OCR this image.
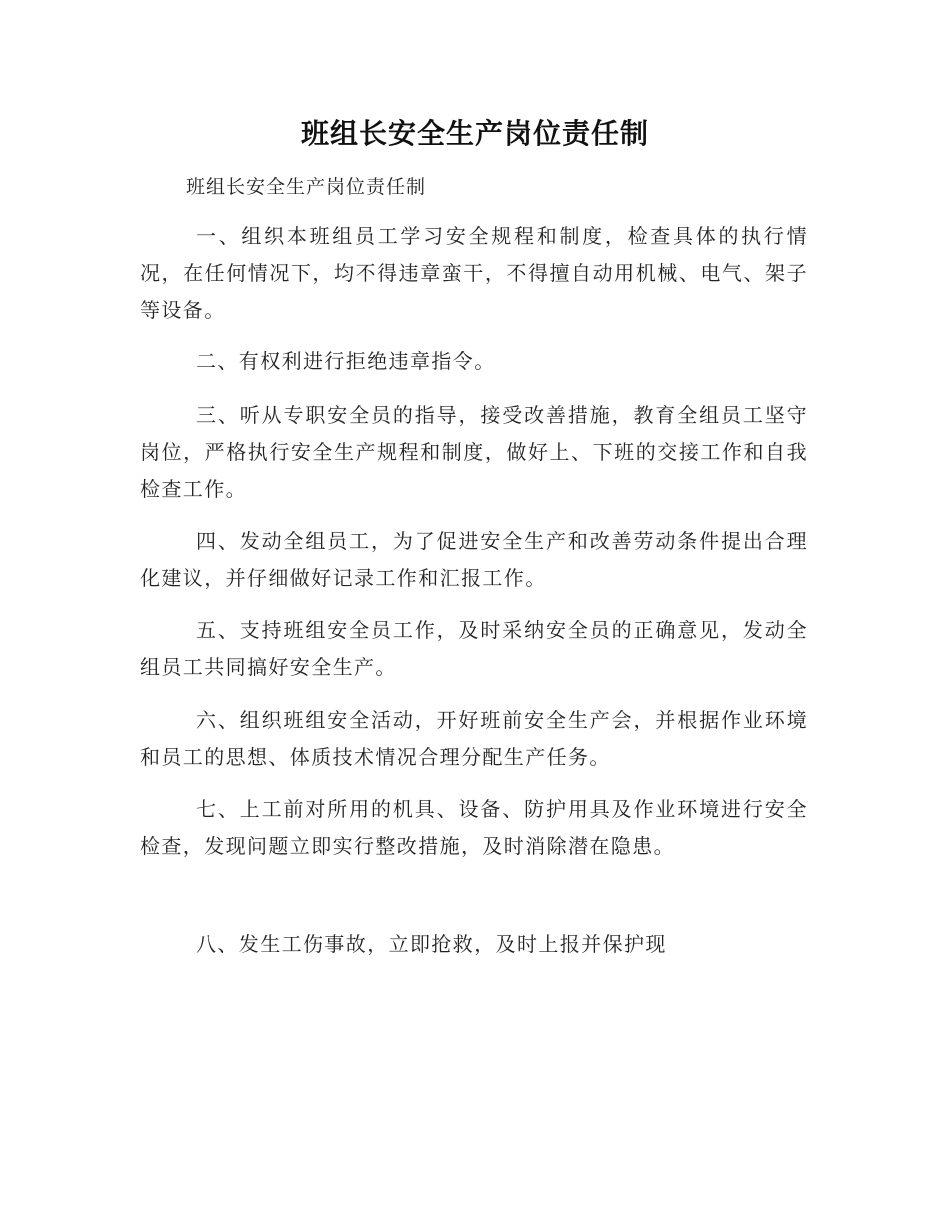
班组长安全生产岗位责任制
班组长安全生产岗位责任制

一、组织本班组员工学习安全规程和制度，检查具体的执行情况，在任何情况下，均不得违章蛮干，不得擅自动用机械、电气、架子等设备。

二、有权利进行拒绝违章指令。

三、听从专职安全员的指导，接受改善措施，教育全组员工坚守岗位，严格执行安全生产规程和制度，做好上、下班的交接工作和自我检查工作。

四、发动全组员工，为了促进安全生产和改善劳动条件提出合理化建议，并仔细做好记录工作和汇报工作。

五、支持班组安全员工作，及时采纳安全员的正确意见，发动全组员工共同搞好安全生产。

六、组织班组安全活动，开好班前安全生产会，并根据作业环境和员工的思想、体质技术情况合理分配生产任务。

七、上工前对所用的机具、设备、防护用具及作业环境进行安全检查，发现问题立即实行整改措施，及时消除潜在隐患。

八、发生工伤事故，立即抢救，及时上报并保护现
